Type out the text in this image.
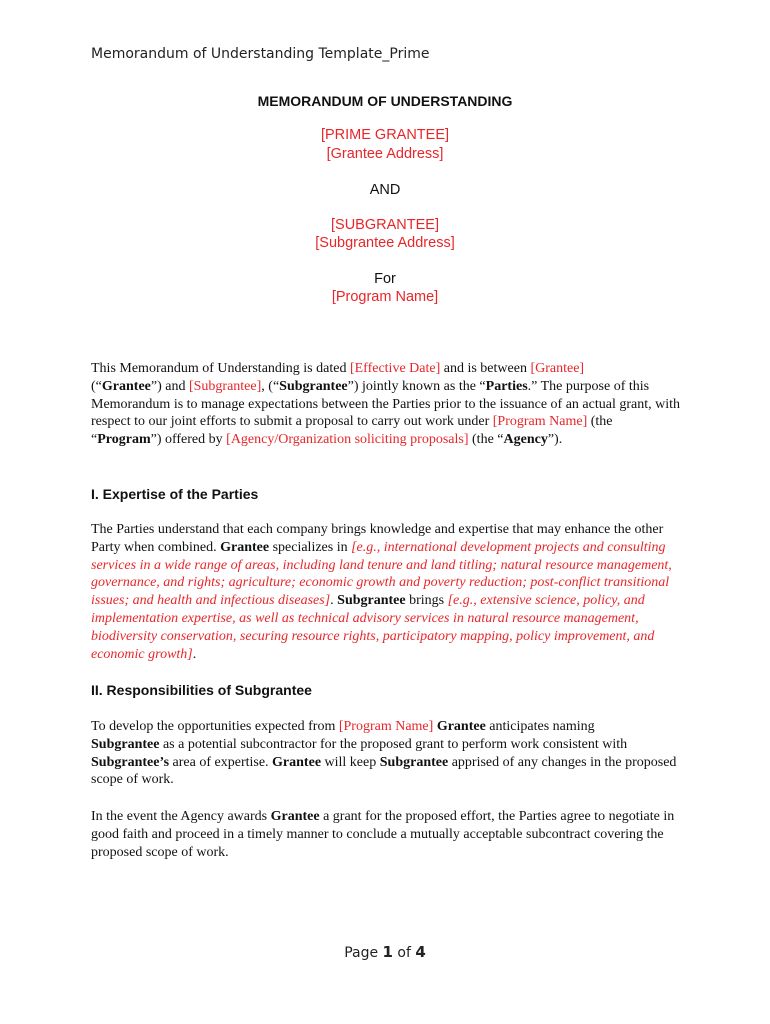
Memorandum of Understanding Template_Prime
MEMORANDUM OF UNDERSTANDING
[PRIME GRANTEE]
[Grantee Address]
AND
[SUBGRANTEE]
[Subgrantee Address]
For
[Program Name]
This Memorandum of Understanding is dated [Effective Date] and is between [Grantee]
(“Grantee”) and [Subgrantee], (“Subgrantee”) jointly known as the “Parties.” The purpose of this Memorandum is to manage expectations between the Parties prior to the issuance of an actual grant, with respect to our joint efforts to submit a proposal to carry out work under [Program Name] (the “Program”) offered by [Agency/Organization soliciting proposals] (the “Agency”).
I. Expertise of the Parties
The Parties understand that each company brings knowledge and expertise that may enhance the other Party when combined. Grantee specializes in [e.g., international development projects and consulting services in a wide range of areas, including land tenure and land titling; natural resource management, governance, and rights; agriculture; economic growth and poverty reduction; post-conflict transitional issues; and health and infectious diseases]. Subgrantee brings [e.g., extensive science, policy, and implementation expertise, as well as technical advisory services in natural resource management, biodiversity conservation, securing resource rights, participatory mapping, policy improvement, and economic growth].
II. Responsibilities of Subgrantee
To develop the opportunities expected from [Program Name] Grantee anticipates naming
Subgrantee as a potential subcontractor for the proposed grant to perform work consistent with Subgrantee’s area of expertise. Grantee will keep Subgrantee apprised of any changes in the proposed scope of work.
In the event the Agency awards Grantee a grant for the proposed effort, the Parties agree to negotiate in good faith and proceed in a timely manner to conclude a mutually acceptable subcontract covering the proposed scope of work.
Page 1 of 4
